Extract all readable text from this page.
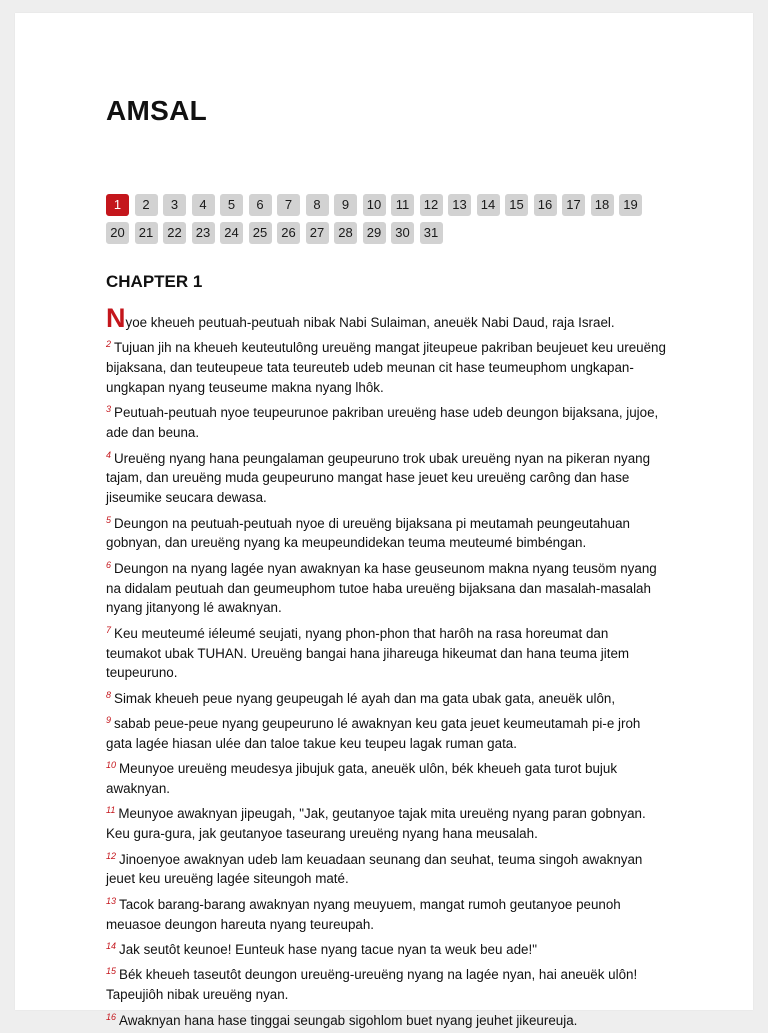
AMSAL
1	2	3	4	5	6	7	8	9	10	11	12	13	14	15	16	17	18	19
20	21	22	23	24	25	26	27	28	29	30	31
CHAPTER 1

Nyoe kheueh peutuah-peutuah nibak Nabi Sulaiman, aneuëk Nabi Daud, raja Israel.

$^2$ Tujuan jih na kheueh keuteutulông ureuëng mangat jiteupeue pakriban beujeuet keu ureuëng bijaksana, dan teuteupeue tata teureuteb udeb meunan cit hase teumeuphom ungkapan-ungkapan nyang teuseume makna nyang lhôk.

$^3$ Peutuah-peutuah nyoe teupeurunoe pakriban ureuëng hase udeb deungon bijaksana, jujoe, ade dan beuna.

$^4$ Ureuëng nyang hana peungalaman geupeuruno trok ubak ureuëng nyan na pikeran nyang tajam, dan ureuëng muda geupeuruno mangat hase jeuet keu ureuëng carông dan hase jiseumike seucara dewasa.

$^5$ Deungon na peutuah-peutuah nyoe di ureuëng bijaksana pi meutamah peungeutahuan gobnyan, dan ureuëng nyang ka meupeundidekan teuma meuteumé bimbéngan.

$^6$ Deungon na nyang lagée nyan awaknyan ka hase geuseunom makna nyang teusöm nyang na didalam peutuah dan geumeuphom tutoe haba ureuëng bijaksana dan masalah-masalah nyang jitanyong lé awaknyan.

$^7$ Keu meuteumé iéleumé seujati, nyang phon-phon that harôh na rasa horeumat dan teumakot ubak TUHAN. Ureuëng bangai hana jihareuga hikeumat dan hana teuma jitem teupeuruno.

$^8$ Simak kheueh peue nyang geupeugah lé ayah dan ma gata ubak gata, aneuëk ulôn,

$^9$ sabab peue-peue nyang geupeuruno lé awaknyan keu gata jeuet keumeutamah pi-e jroh gata lagée hiasan ulée dan taloe takue keu teupeu lagak ruman gata.

$^{10}$ Meunyoe ureuëng meudesya jibujuk gata, aneuëk ulôn, bék kheueh gata turot bujuk awaknyan.

$^{11}$ Meunyoe awaknyan jipeugah, "Jak, geutanyoe tajak mita ureuëng nyang paran gobnyan. Keu gura-gura, jak geutanyoe taseurang ureuëng nyang hana meusalah.

$^{12}$ Jinoenyoe awaknyan udeb lam keuadaan seunang dan seuhat, teuma singoh awaknyan jeuet keu ureuëng lagée siteungoh maté.

$^{13}$ Tacok barang-barang awaknyan nyang meuyuem, mangat rumoh geutanyoe peunoh meuasoe deungon hareuta nyang teureupah.

$^{14}$ Jak seutôt keunoe! Eunteuk hase nyang tacue nyan ta weuk beu ade!"

$^{15}$ Bék kheueh taseutôt deungon ureuëng-ureuëng nyang na lagée nyan, hai aneuëk ulôn! Tapeujiôh nibak ureuëng nyan.

$^{16}$ Awaknyan hana hase tinggai seungab sigohlom buet nyang jeuhet jikeureuja.
